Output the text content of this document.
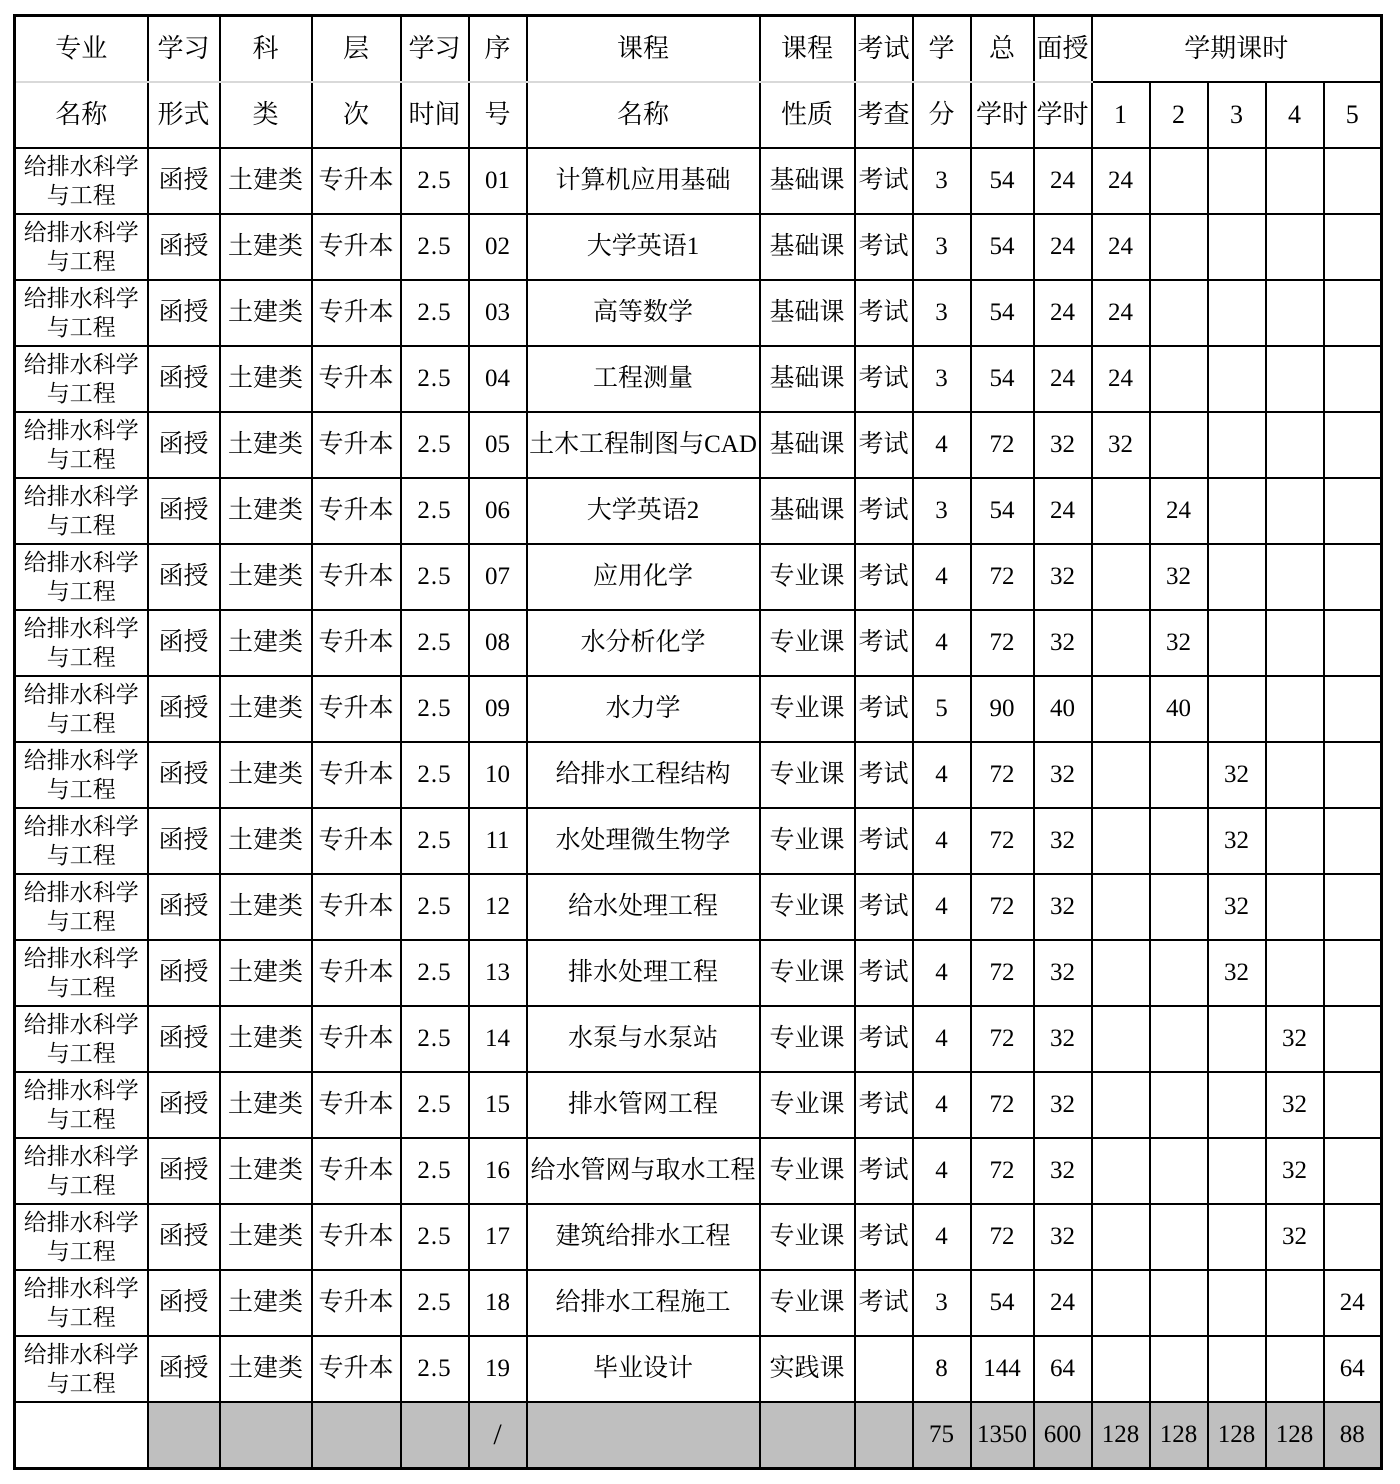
专业	学习	科	层	学习	序	课程	课程	考试	学	总	面授	学期课时				
名称	形式	类	次	时间	号	名称	性质	考查	分	学时	学时	1	2	3	4	5
给排水科学与工程	函授	土建类	专升本	2.5	01	计算机应用基础	基础课	考试	3	54	24	24				
给排水科学与工程	函授	土建类	专升本	2.5	02	大学英语1	基础课	考试	3	54	24	24				
给排水科学与工程	函授	土建类	专升本	2.5	03	高等数学	基础课	考试	3	54	24	24				
给排水科学与工程	函授	土建类	专升本	2.5	04	工程测量	基础课	考试	3	54	24	24				
给排水科学与工程	函授	土建类	专升本	2.5	05	土木工程制图与CAD	基础课	考试	4	72	32	32				
给排水科学与工程	函授	土建类	专升本	2.5	06	大学英语2	基础课	考试	3	54	24		24			
给排水科学与工程	函授	土建类	专升本	2.5	07	应用化学	专业课	考试	4	72	32		32			
给排水科学与工程	函授	土建类	专升本	2.5	08	水分析化学	专业课	考试	4	72	32		32			
给排水科学与工程	函授	土建类	专升本	2.5	09	水力学	专业课	考试	5	90	40		40			
给排水科学与工程	函授	土建类	专升本	2.5	10	给排水工程结构	专业课	考试	4	72	32			32		
给排水科学与工程	函授	土建类	专升本	2.5	11	水处理微生物学	专业课	考试	4	72	32			32		
给排水科学与工程	函授	土建类	专升本	2.5	12	给水处理工程	专业课	考试	4	72	32			32		
给排水科学与工程	函授	土建类	专升本	2.5	13	排水处理工程	专业课	考试	4	72	32			32		
给排水科学与工程	函授	土建类	专升本	2.5	14	水泵与水泵站	专业课	考试	4	72	32				32	
给排水科学与工程	函授	土建类	专升本	2.5	15	排水管网工程	专业课	考试	4	72	32				32	
给排水科学与工程	函授	土建类	专升本	2.5	16	给水管网与取水工程	专业课	考试	4	72	32				32	
给排水科学与工程	函授	土建类	专升本	2.5	17	建筑给排水工程	专业课	考试	4	72	32				32	
给排水科学与工程	函授	土建类	专升本	2.5	18	给排水工程施工	专业课	考试	3	54	24					24
给排水科学与工程	函授	土建类	专升本	2.5	19	毕业设计	实践课		8	144	64					64
					/				75	1350	600	128	128	128	128	88
